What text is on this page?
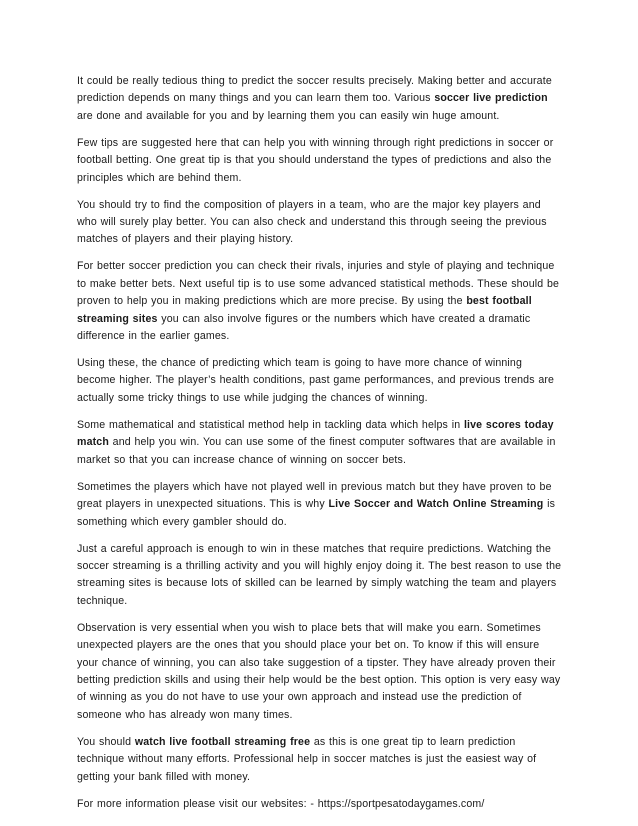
It could be really tedious thing to predict the soccer results precisely. Making better and accurate prediction depends on many things and you can learn them too. Various soccer live prediction are done and available for you and by learning them you can easily win huge amount.

Few tips are suggested here that can help you with winning through right predictions in soccer or football betting. One great tip is that you should understand the types of predictions and also the principles which are behind them.

You should try to find the composition of players in a team, who are the major key players and who will surely play better. You can also check and understand this through seeing the previous matches of players and their playing history.

For better soccer prediction you can check their rivals, injuries and style of playing and technique to make better bets. Next useful tip is to use some advanced statistical methods. These should be proven to help you in making predictions which are more precise. By using the best football streaming sites you can also involve figures or the numbers which have created a dramatic difference in the earlier games.

Using these, the chance of predicting which team is going to have more chance of winning become higher. The player’s health conditions, past game performances, and previous trends are actually some tricky things to use while judging the chances of winning.

Some mathematical and statistical method help in tackling data which helps in live scores today match and help you win. You can use some of the finest computer softwares that are available in market so that you can increase chance of winning on soccer bets.

Sometimes the players which have not played well in previous match but they have proven to be great players in unexpected situations. This is why Live Soccer and Watch Online Streaming is something which every gambler should do.

Just a careful approach is enough to win in these matches that require predictions. Watching the soccer streaming is a thrilling activity and you will highly enjoy doing it. The best reason to use the streaming sites is because lots of skilled can be learned by simply watching the team and players technique.

Observation is very essential when you wish to place bets that will make you earn. Sometimes unexpected players are the ones that you should place your bet on. To know if this will ensure your chance of winning, you can also take suggestion of a tipster. They have already proven their betting prediction skills and using their help would be the best option. This option is very easy way of winning as you do not have to use your own approach and instead use the prediction of someone who has already won many times.

You should watch live football streaming free as this is one great tip to learn prediction technique without many efforts. Professional help in soccer matches is just the easiest way of getting your bank filled with money.

For more information please visit our websites: - https://sportpesatodaygames.com/
